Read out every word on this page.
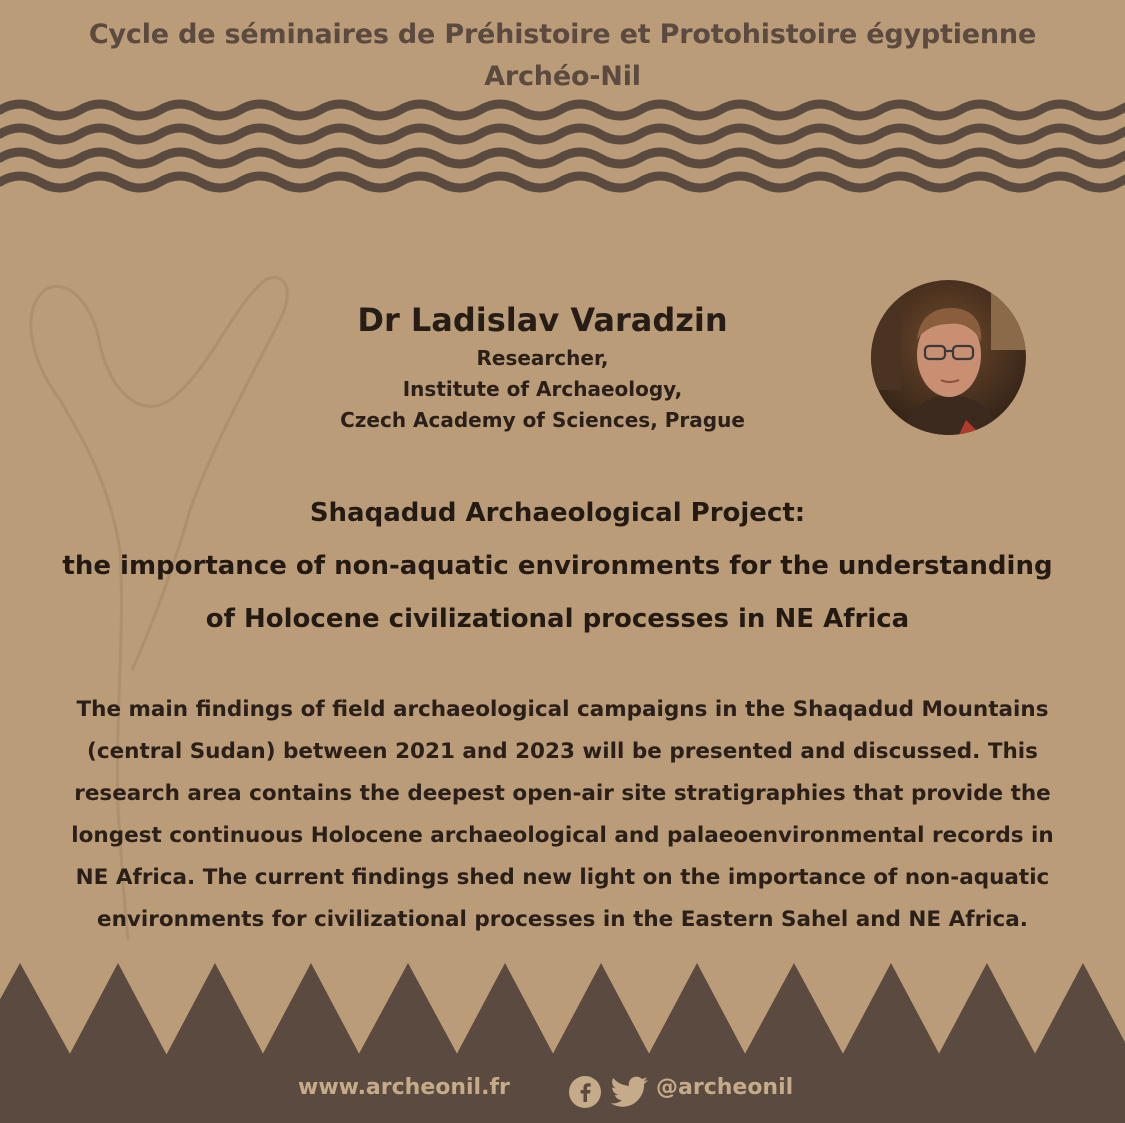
Cycle de séminaires de Préhistoire et Protohistoire égyptienne
Archéo-Nil
Dr Ladislav Varadzin
Researcher,
Institute of Archaeology,
Czech Academy of Sciences, Prague
Shaqadud Archaeological Project:
the importance of non-aquatic environments for the understanding
of Holocene civilizational processes in NE Africa
The main findings of field archaeological campaigns in the Shaqadud Mountains
(central Sudan) between 2021 and 2023 will be presented and discussed. This
research area contains the deepest open-air site stratigraphies that provide the
longest continuous Holocene archaeological and palaeoenvironmental records in
NE Africa. The current findings shed new light on the importance of non-aquatic
environments for civilizational processes in the Eastern Sahel and NE Africa.
www.archeonil.fr	@archeonil
